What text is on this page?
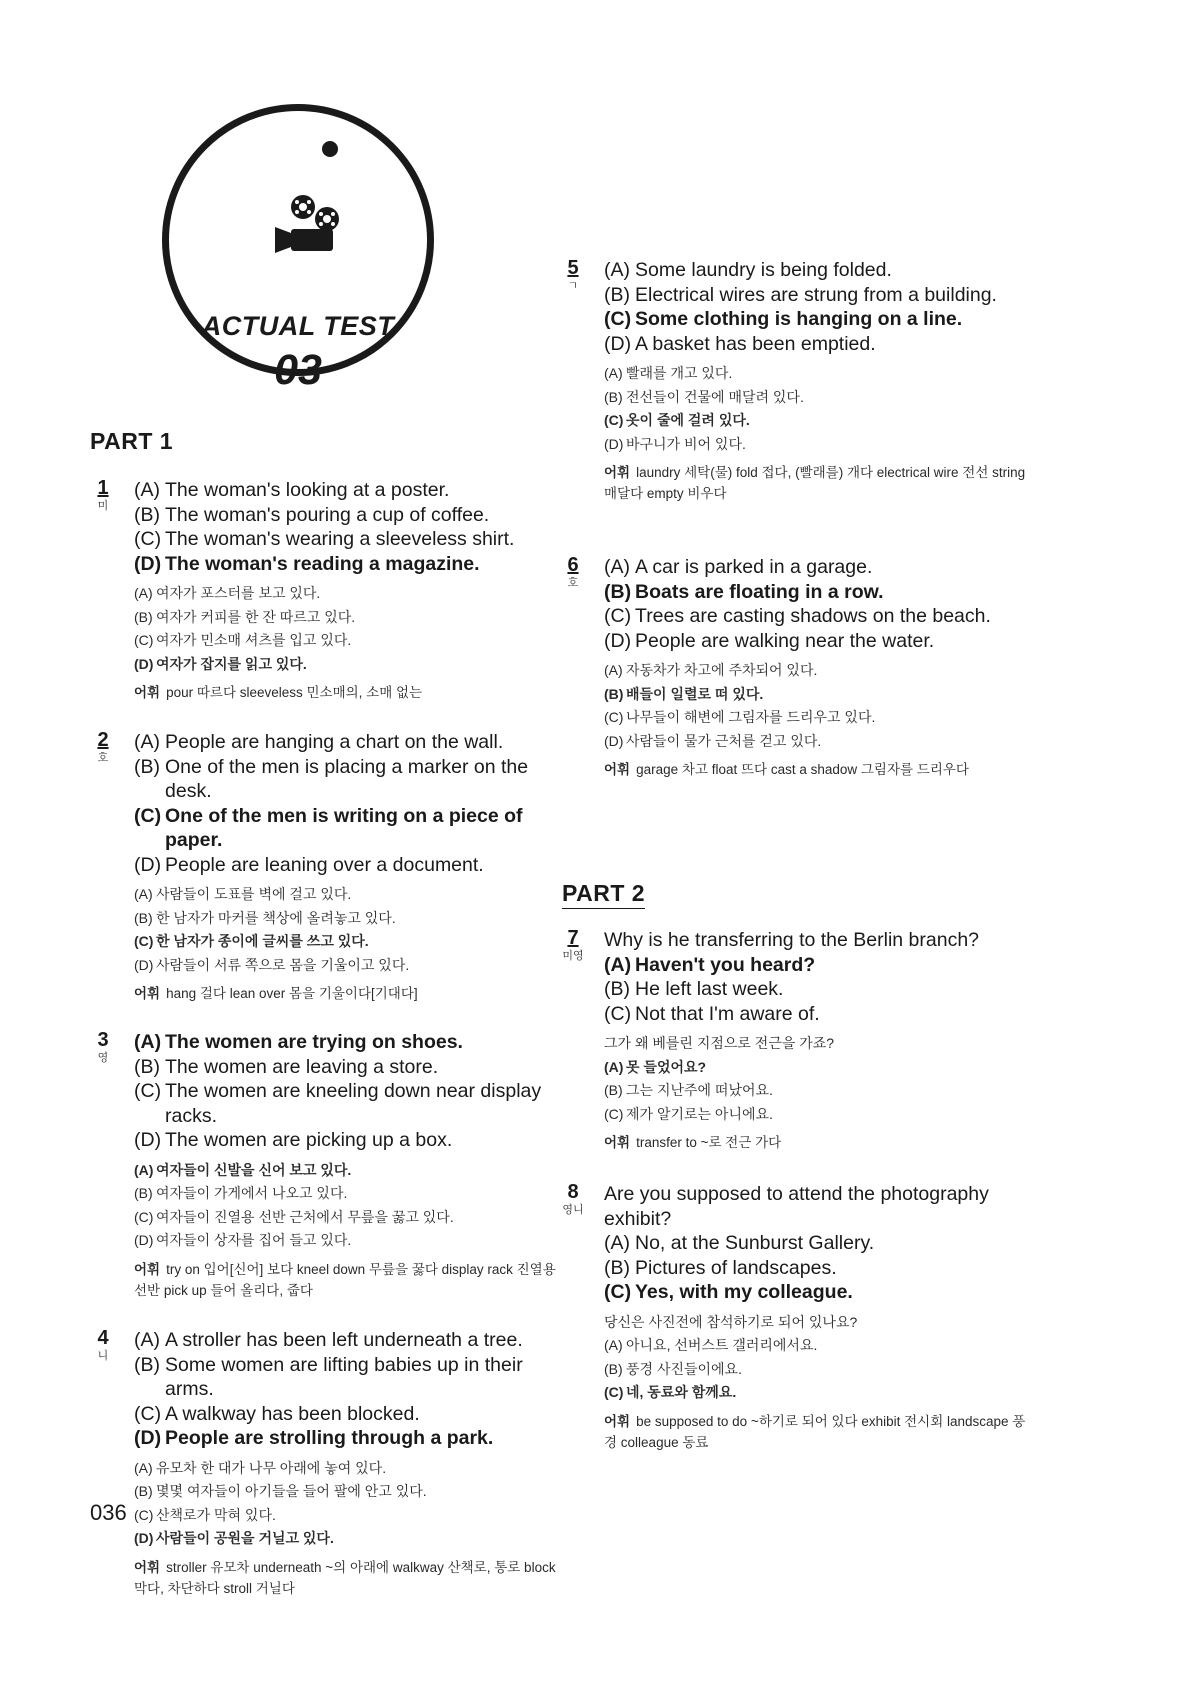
ACTUAL TEST
03
PART 1
PART 2
1
미
(A) The woman's looking at a poster.
(B) The woman's pouring a cup of coffee.
(C) The woman's wearing a sleeveless shirt.
(D) The woman's reading a magazine.
(A) 여자가 포스터를 보고 있다.
(B) 여자가 커피를 한 잔 따르고 있다.
(C) 여자가 민소매 셔츠를 입고 있다.
(D) 여자가 잡지를 읽고 있다.
어휘 pour 따르다 sleeveless 민소매의, 소매 없는
2
호
(A) People are hanging a chart on the wall.
(B) One of the men is placing a marker on the desk.
(C) One of the men is writing on a piece of paper.
(D) People are leaning over a document.
(A) 사람들이 도표를 벽에 걸고 있다.
(B) 한 남자가 마커를 책상에 올려놓고 있다.
(C) 한 남자가 종이에 글씨를 쓰고 있다.
(D) 사람들이 서류 쪽으로 몸을 기울이고 있다.
어휘 hang 걸다 lean over 몸을 기울이다[기대다]
3
영
(A) The women are trying on shoes.
(B) The women are leaving a store.
(C) The women are kneeling down near display racks.
(D) The women are picking up a box.
(A) 여자들이 신발을 신어 보고 있다.
(B) 여자들이 가게에서 나오고 있다.
(C) 여자들이 진열용 선반 근처에서 무릎을 꿇고 있다.
(D) 여자들이 상자를 집어 들고 있다.
어휘 try on 입어[신어] 보다 kneel down 무릎을 꿇다 display rack 진열용 선반 pick up 들어 올리다, 줍다
4
니
(A) A stroller has been left underneath a tree.
(B) Some women are lifting babies up in their arms.
(C) A walkway has been blocked.
(D) People are strolling through a park.
(A) 유모차 한 대가 나무 아래에 놓여 있다.
(B) 몇몇 여자들이 아기들을 들어 팔에 안고 있다.
(C) 산책로가 막혀 있다.
(D) 사람들이 공원을 거닐고 있다.
어휘 stroller 유모차 underneath ~의 아래에 walkway 산책로, 통로 block 막다, 차단하다 stroll 거닐다
5
ㄱ
(A) Some laundry is being folded.
(B) Electrical wires are strung from a building.
(C) Some clothing is hanging on a line.
(D) A basket has been emptied.
(A) 빨래를 개고 있다.
(B) 전선들이 건물에 매달려 있다.
(C) 옷이 줄에 걸려 있다.
(D) 바구니가 비어 있다.
어휘 laundry 세탁(물) fold 접다, (빨래를) 개다 electrical wire 전선 string 매달다 empty 비우다
6
호
(A) A car is parked in a garage.
(B) Boats are floating in a row.
(C) Trees are casting shadows on the beach.
(D) People are walking near the water.
(A) 자동차가 차고에 주차되어 있다.
(B) 배들이 일렬로 떠 있다.
(C) 나무들이 해변에 그림자를 드리우고 있다.
(D) 사람들이 물가 근처를 걷고 있다.
어휘 garage 차고 float 뜨다 cast a shadow 그림자를 드리우다
7
미영
Why is he transferring to the Berlin branch?
(A) Haven't you heard?
(B) He left last week.
(C) Not that I'm aware of.
그가 왜 베를린 지점으로 전근을 가죠?
(A) 못 들었어요?
(B) 그는 지난주에 떠났어요.
(C) 제가 알기로는 아니에요.
어휘 transfer to ~로 전근 가다
8
영니
Are you supposed to attend the photography exhibit?
(A) No, at the Sunburst Gallery.
(B) Pictures of landscapes.
(C) Yes, with my colleague.
당신은 사진전에 참석하기로 되어 있나요?
(A) 아니요, 선버스트 갤러리에서요.
(B) 풍경 사진들이에요.
(C) 네, 동료와 함께요.
어휘 be supposed to do ~하기로 되어 있다 exhibit 전시회 landscape 풍경 colleague 동료
036
